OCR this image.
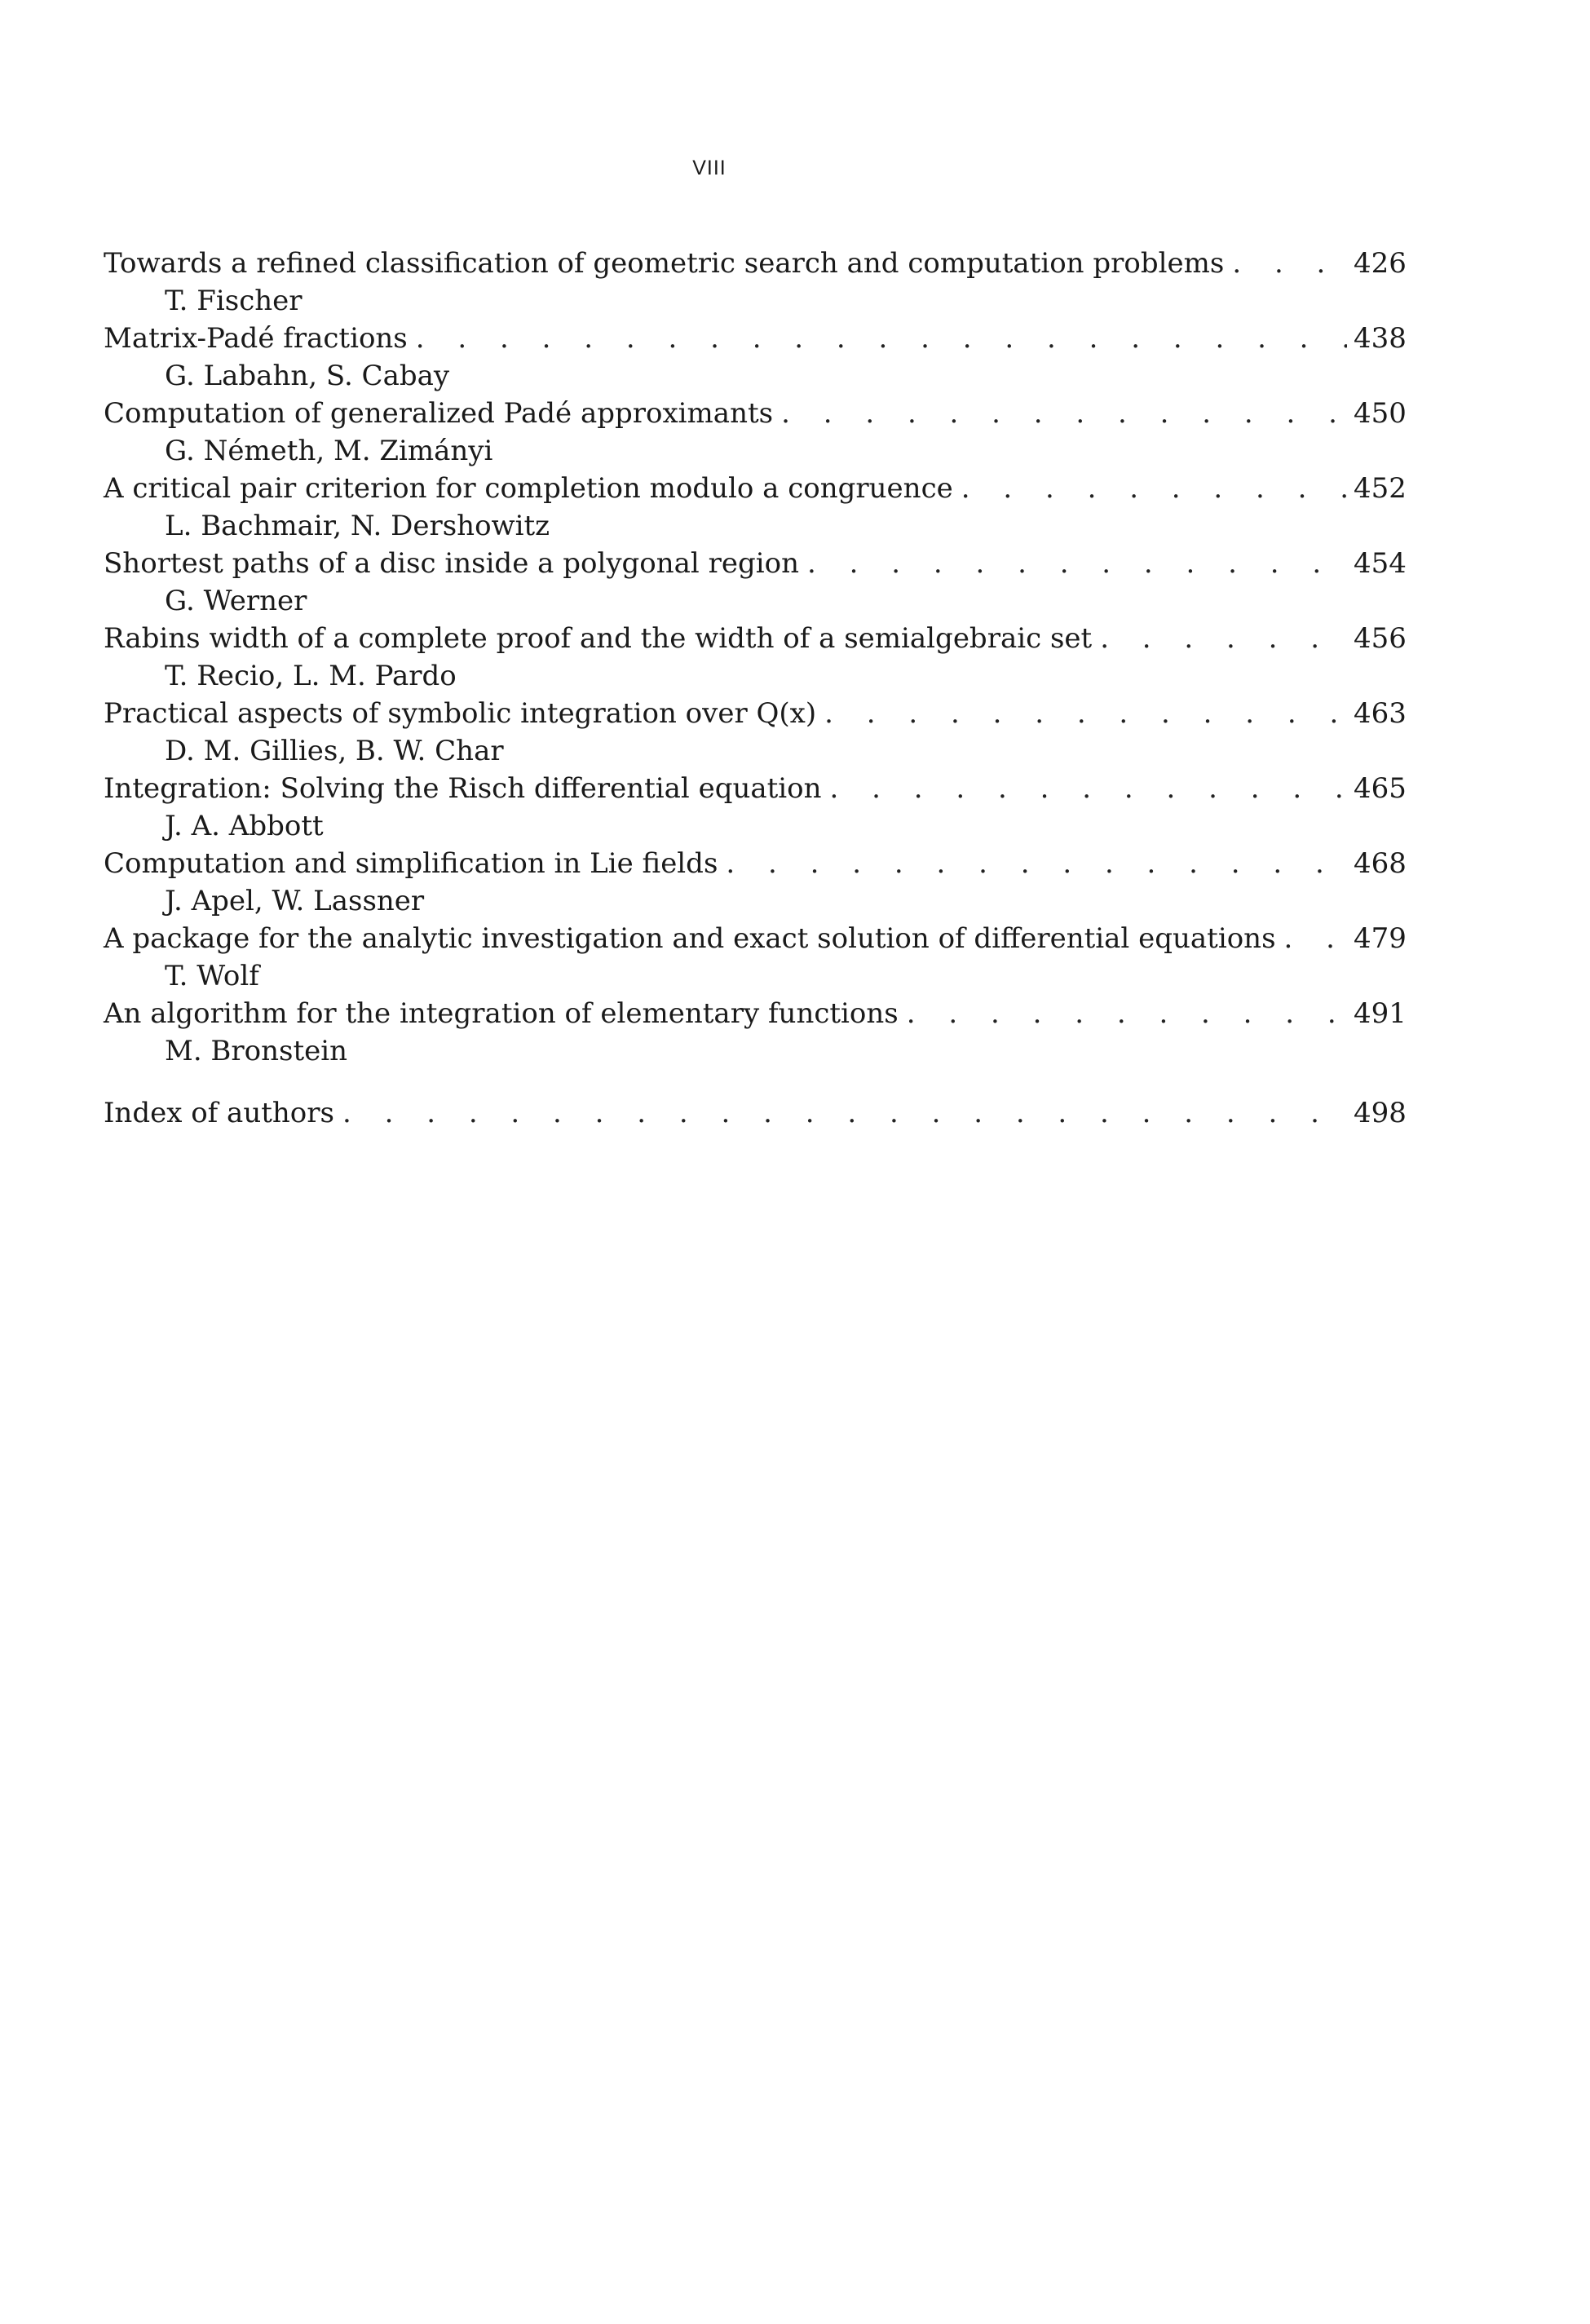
VIII
Towards a refined classification of geometric search and computation problems . . .	426
T. Fischer
Matrix-Padé fractions . . .	438
G. Labahn, S. Cabay
Computation of generalized Padé approximants . . .	450
G. Németh, M. Zimányi
A critical pair criterion for completion modulo a congruence . . .	452
L. Bachmair, N. Dershowitz
Shortest paths of a disc inside a polygonal region . . .	454
G. Werner
Rabins width of a complete proof and the width of a semialgebraic set . . .	456
T. Recio, L. M. Pardo
Practical aspects of symbolic integration over Q(x) . . .	463
D. M. Gillies, B. W. Char
Integration: Solving the Risch differential equation . . .	465
J. A. Abbott
Computation and simplification in Lie fields . . .	468
J. Apel, W. Lassner
A package for the analytic investigation and exact solution of differential equations . . .	479
T. Wolf
An algorithm for the integration of elementary functions . . .	491
M. Bronstein
Index of authors . . .	498
